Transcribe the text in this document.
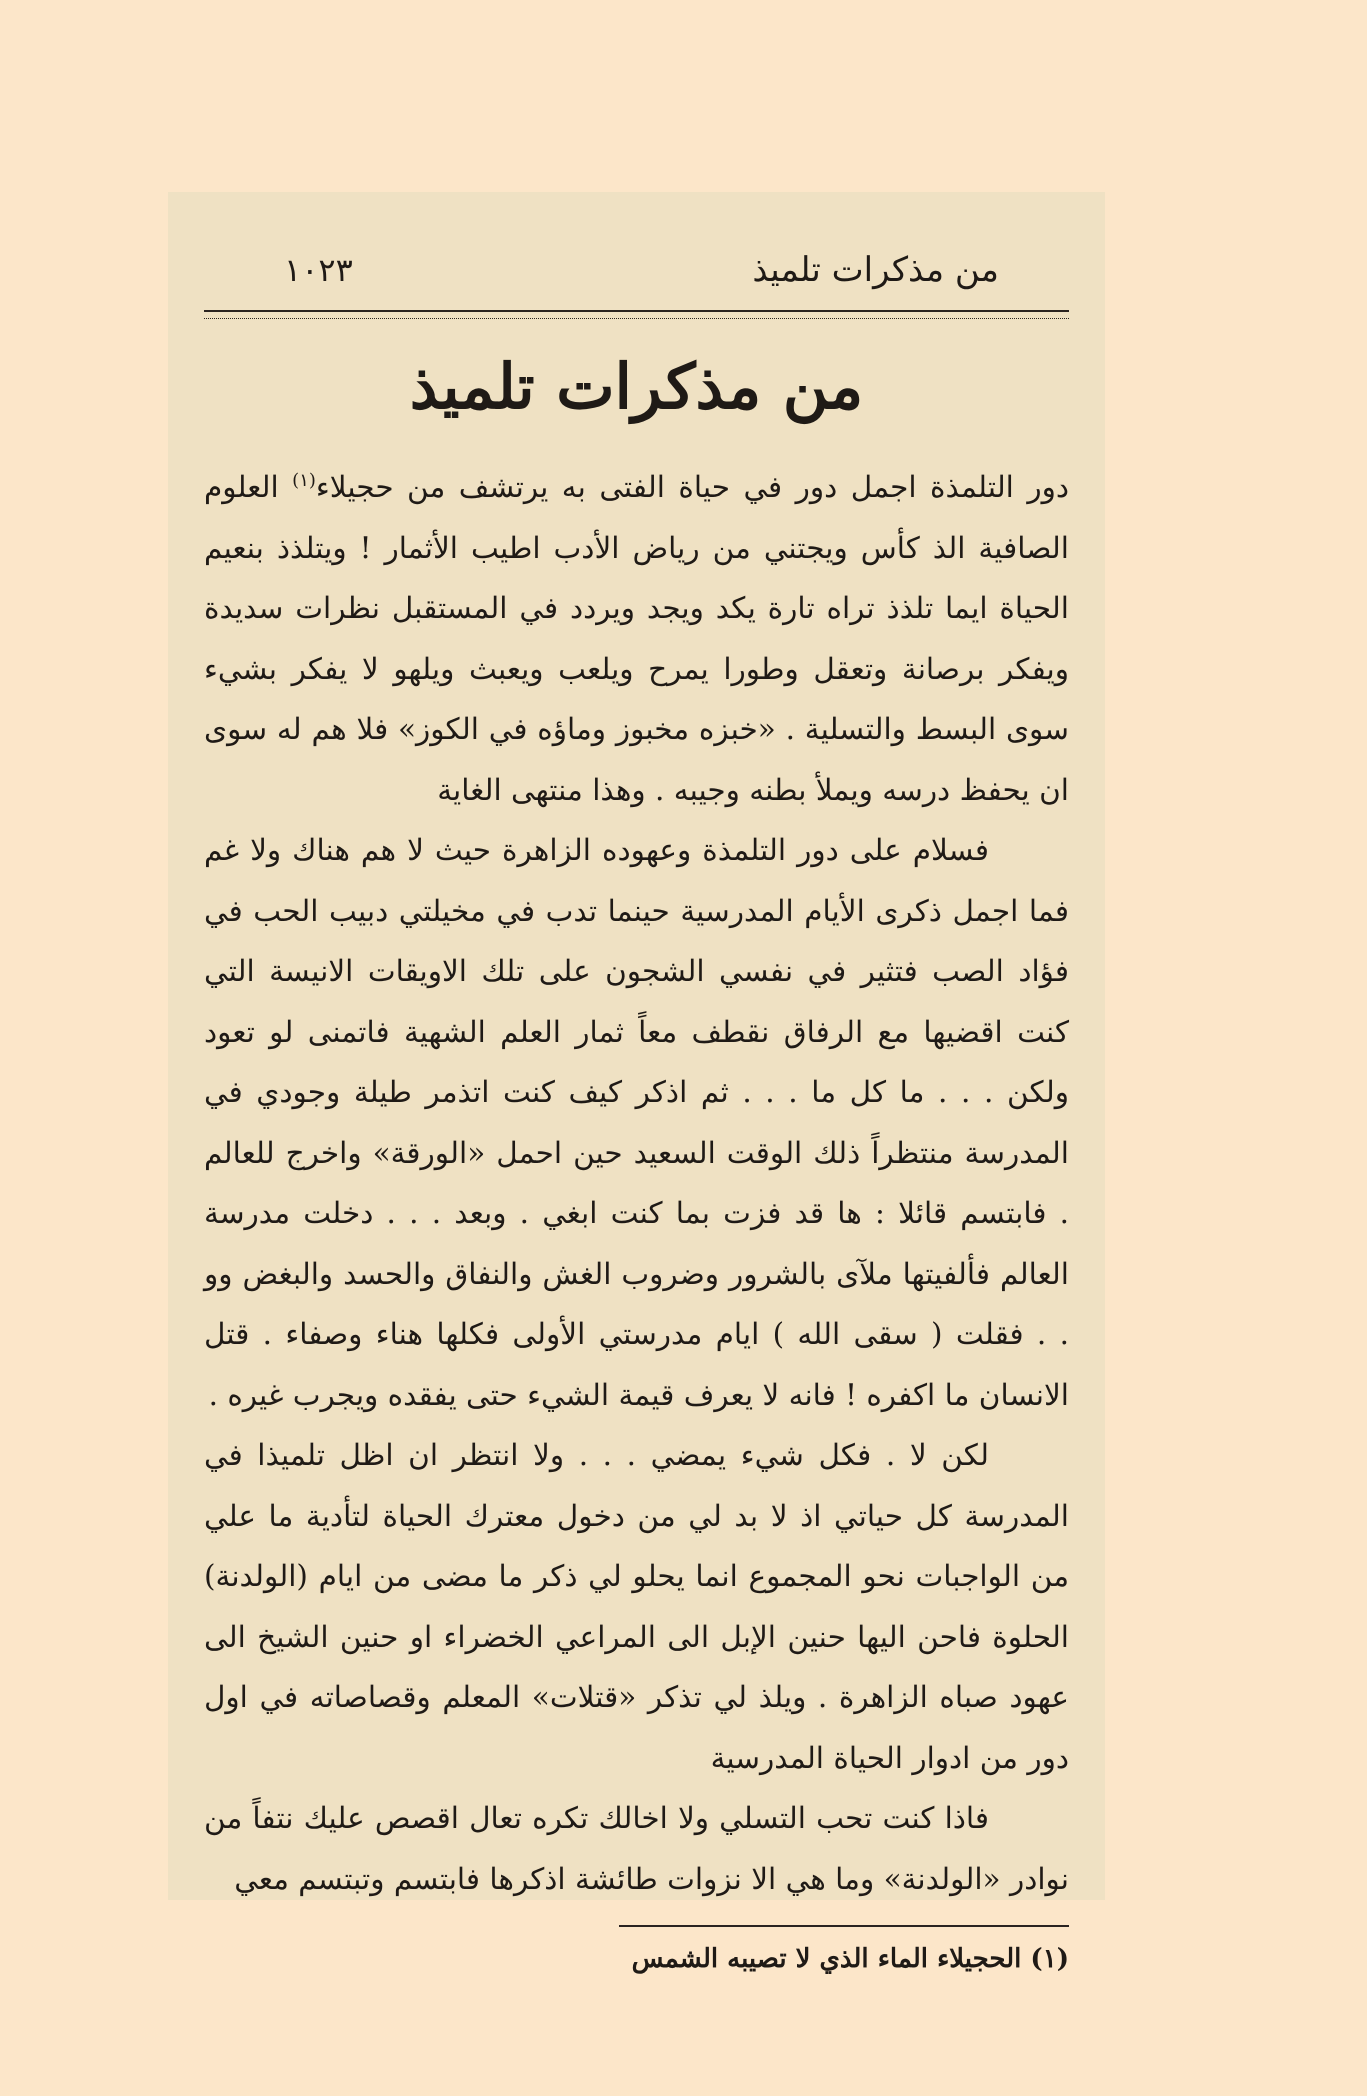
من مذكرات تلميذ
١٠٢٣
من مذكرات تلميذ

دور التلمذة اجمل دور في حياة الفتى به يرتشف من حجيلاء$^{(١)}$ العلوم الصافية الذ كأس ويجتني من رياض الأدب اطيب الأثمار ! ويتلذذ بنعيم الحياة ايما تلذذ تراه تارة يكد ويجد ويردد في المستقبل نظرات سديدة ويفكر برصانة وتعقل وطورا يمرح ويلعب ويعبث ويلهو لا يفكر بشيء سوى البسط والتسلية . «خبزه مخبوز وماؤه في الكوز» فلا هم له سوى ان يحفظ درسه ويملأ بطنه وجيبه . وهذا منتهى الغاية

فسلام على دور التلمذة وعهوده الزاهرة حيث لا هم هناك ولا غم فما اجمل ذكرى الأيام المدرسية حينما تدب في مخيلتي دبيب الحب في فؤاد الصب فتثير في نفسي الشجون على تلك الاويقات الانيسة التي كنت اقضيها مع الرفاق نقطف معاً ثمار العلم الشهية فاتمنى لو تعود ولكن . . . ما كل ما . . . ثم اذكر كيف كنت اتذمر طيلة وجودي في المدرسة منتظراً ذلك الوقت السعيد حين احمل «الورقة» واخرج للعالم . فابتسم قائلا : ها قد فزت بما كنت ابغي . وبعد . . . دخلت مدرسة العالم فألفيتها ملآى بالشرور وضروب الغش والنفاق والحسد والبغض وو . . فقلت ( سقى الله ) ايام مدرستي الأولى فكلها هناء وصفاء . قتل الانسان ما اكفره ! فانه لا يعرف قيمة الشيء حتى يفقده ويجرب غيره .

لكن لا . فكل شيء يمضي . . . ولا انتظر ان اظل تلميذا في المدرسة كل حياتي اذ لا بد لي من دخول معترك الحياة لتأدية ما علي من الواجبات نحو المجموع انما يحلو لي ذكر ما مضى من ايام (الولدنة) الحلوة فاحن اليها حنين الإبل الى المراعي الخضراء او حنين الشيخ الى عهود صباه الزاهرة . ويلذ لي تذكر «قتلات» المعلم وقصاصاته في اول دور من ادوار الحياة المدرسية

فاذا كنت تحب التسلي ولا اخالك تكره تعال اقصص عليك نتفاً من نوادر «الولدنة» وما هي الا نزوات طائشة اذكرها فابتسم وتبتسم معي

(١) الحجيلاء الماء الذي لا تصيبه الشمس
